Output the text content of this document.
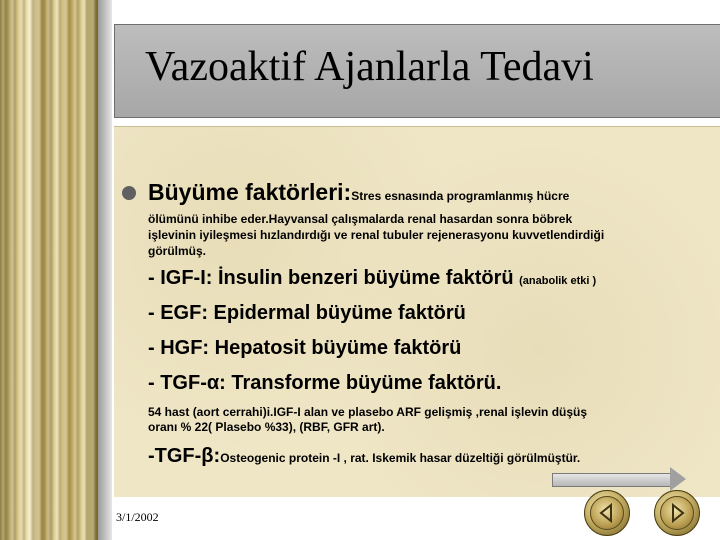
Vazoaktif Ajanlarla Tedavi
Büyüme faktörleri:Stres esnasında programlanmış hücre
ölümünü inhibe eder.Hayvansal çalışmalarda renal hasardan sonra böbrek
işlevinin iyileşmesi hızlandırdığı ve renal tubuler rejenerasyonu kuvvetlendirdiği
görülmüş.
- IGF-I: İnsulin benzeri büyüme faktörü (anabolik etki )
- EGF: Epidermal büyüme faktörü
- HGF: Hepatosit büyüme faktörü
- TGF-α: Transforme büyüme faktörü.
54 hast (aort cerrahi)i.IGF-I alan ve plasebo ARF gelişmiş ,renal işlevin düşüş
oranı % 22( Plasebo %33), (RBF, GFR art).
-TGF-β:Osteogenic protein -I , rat. Iskemik hasar düzeltiği görülmüştür.
3/1/2002
